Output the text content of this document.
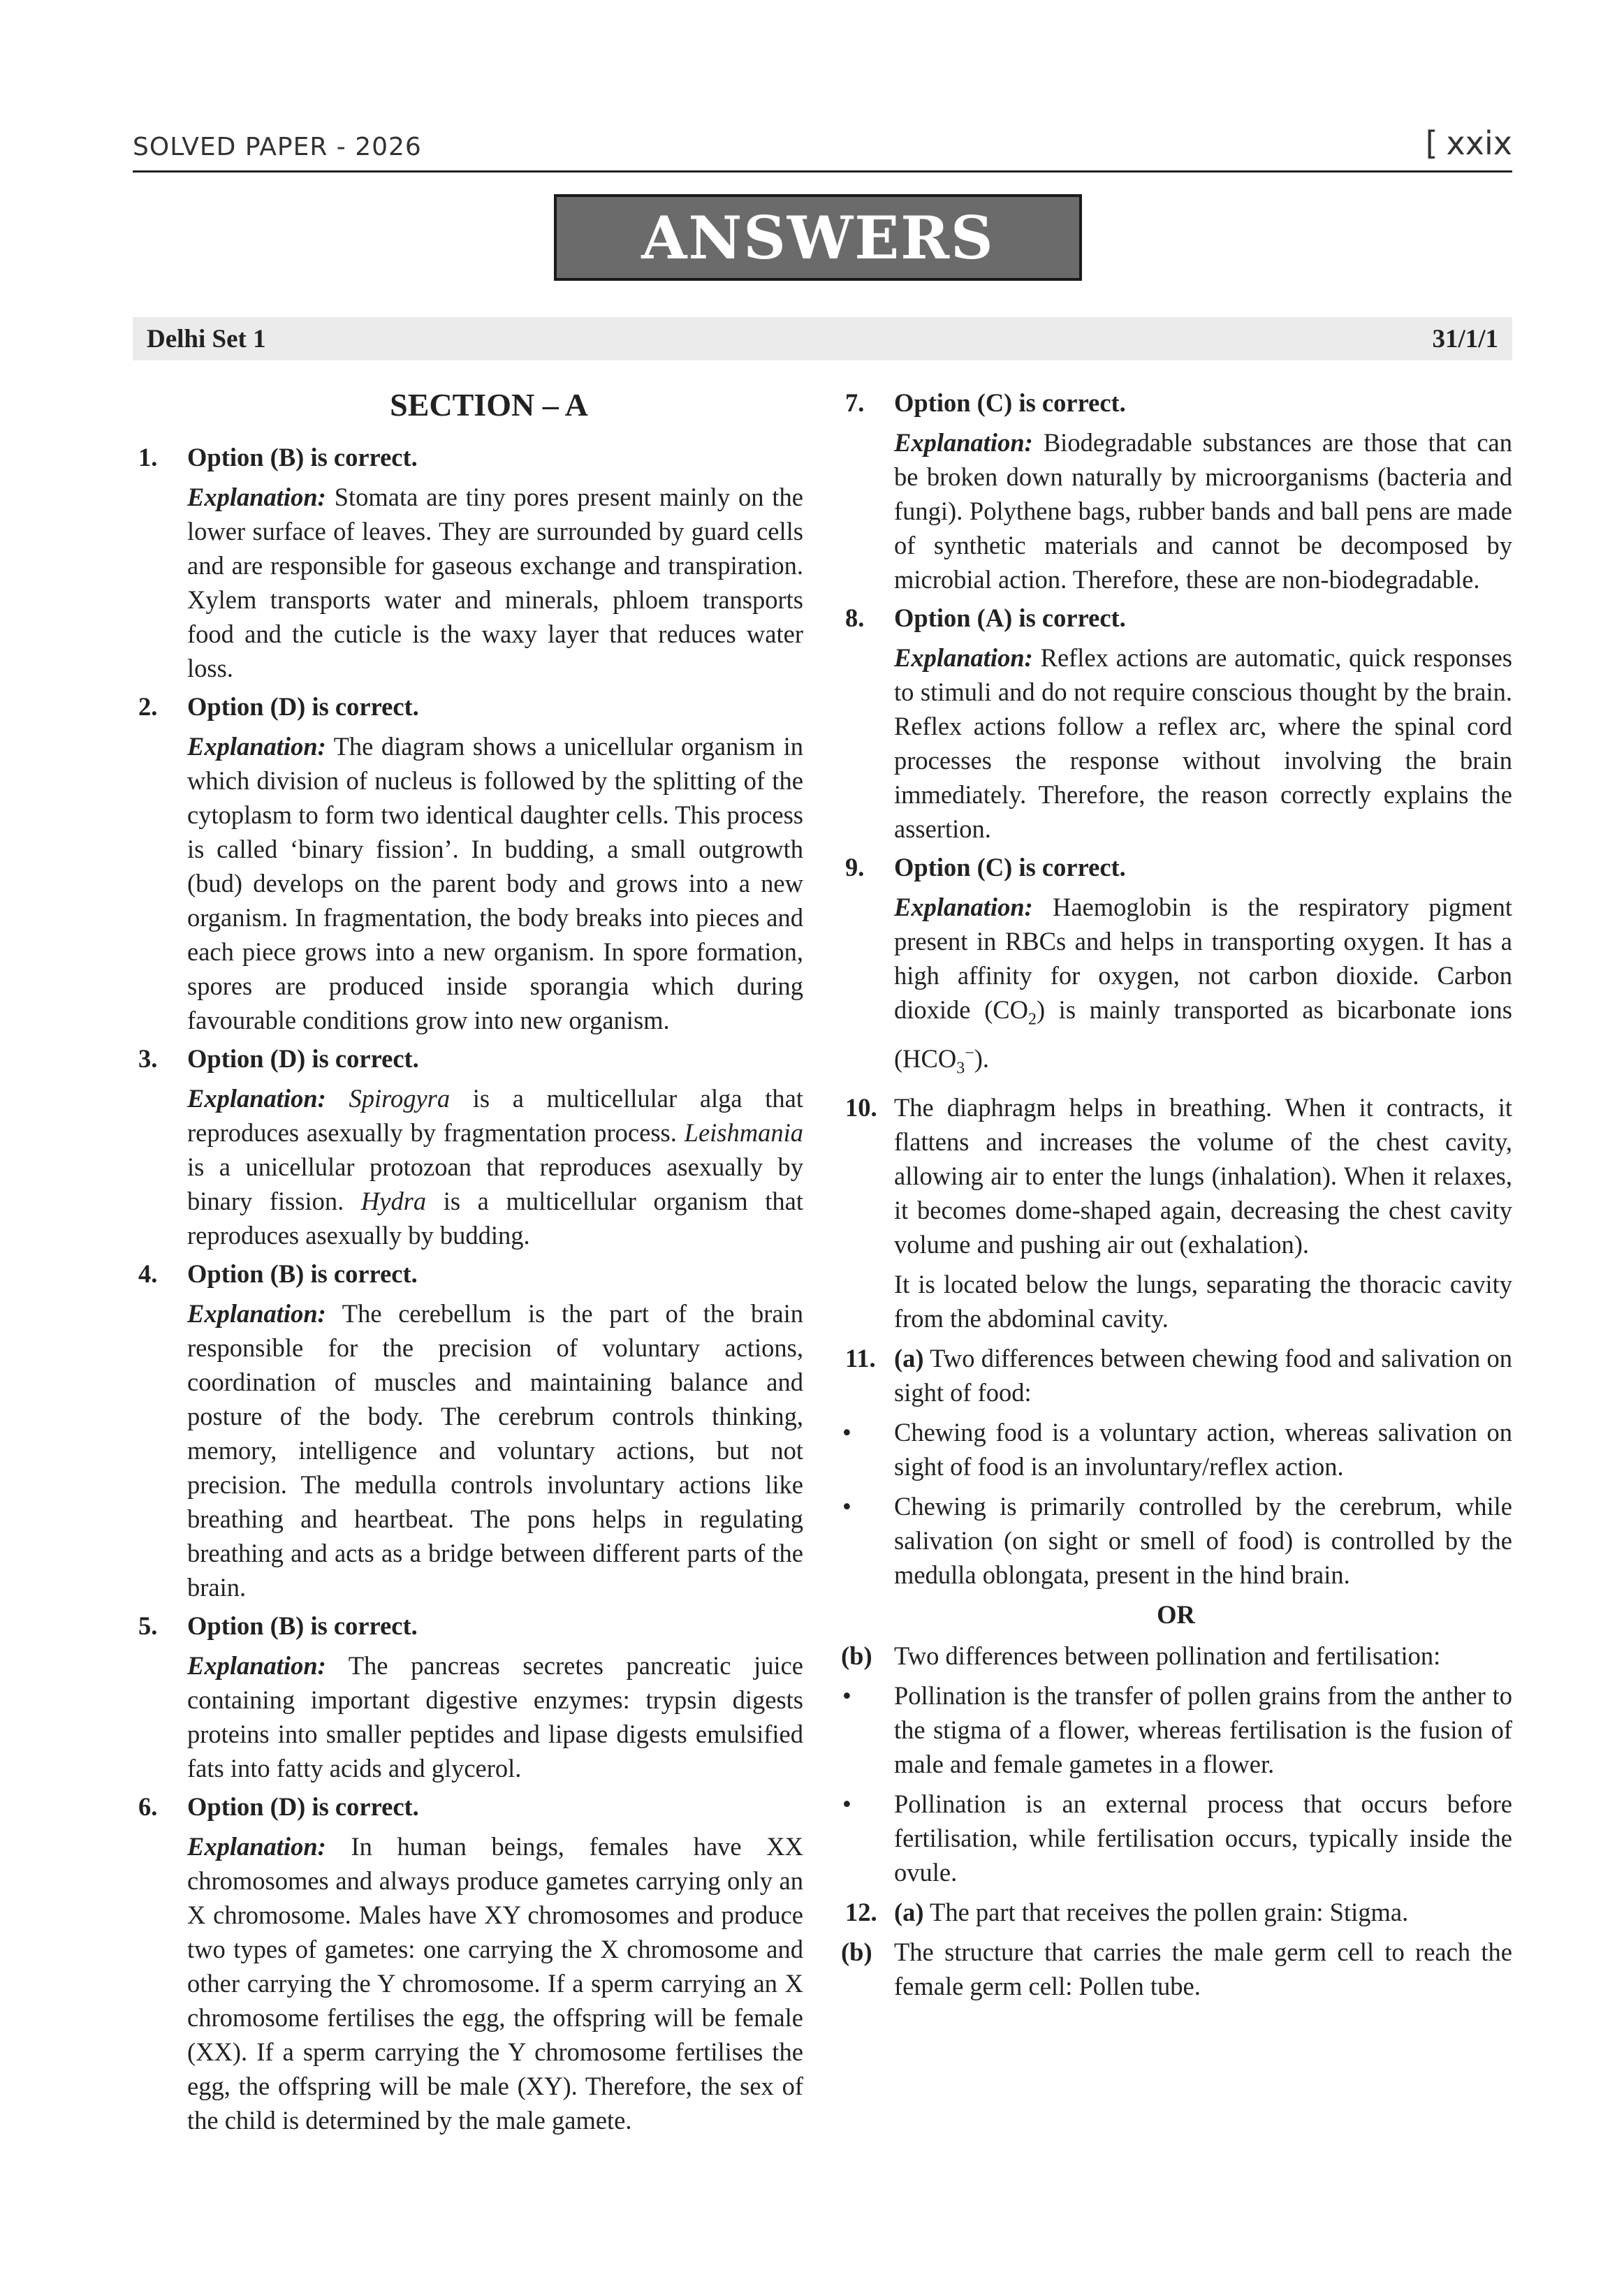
SOLVED PAPER - 2026	[ xxix
ANSWERS
Delhi Set 1	31/1/1
SECTION – A
1. Option (B) is correct.
Explanation: Stomata are tiny pores present mainly on the lower surface of leaves. They are surrounded by guard cells and are responsible for gaseous exchange and transpiration. Xylem transports water and minerals, phloem transports food and the cuticle is the waxy layer that reduces water loss.
2. Option (D) is correct.
Explanation: The diagram shows a unicellular organism in which division of nucleus is followed by the splitting of the cytoplasm to form two identical daughter cells. This process is called ‘binary fission’. In budding, a small outgrowth (bud) develops on the parent body and grows into a new organism. In fragmentation, the body breaks into pieces and each piece grows into a new organism. In spore formation, spores are produced inside sporangia which during favourable conditions grow into new organism.
3. Option (D) is correct.
Explanation: Spirogyra is a multicellular alga that reproduces asexually by fragmentation process. Leishmania is a unicellular protozoan that reproduces asexually by binary fission. Hydra is a multicellular organism that reproduces asexually by budding.
4. Option (B) is correct.
Explanation: The cerebellum is the part of the brain responsible for the precision of voluntary actions, coordination of muscles and maintaining balance and posture of the body. The cerebrum controls thinking, memory, intelligence and voluntary actions, but not precision. The medulla controls involuntary actions like breathing and heartbeat. The pons helps in regulating breathing and acts as a bridge between different parts of the brain.
5. Option (B) is correct.
Explanation: The pancreas secretes pancreatic juice containing important digestive enzymes: trypsin digests proteins into smaller peptides and lipase digests emulsified fats into fatty acids and glycerol.
6. Option (D) is correct.
Explanation: In human beings, females have XX chromosomes and always produce gametes carrying only an X chromosome. Males have XY chromosomes and produce two types of gametes: one carrying the X chromosome and other carrying the Y chromosome. If a sperm carrying an X chromosome fertilises the egg, the offspring will be female (XX). If a sperm carrying the Y chromosome fertilises the egg, the offspring will be male (XY). Therefore, the sex of the child is determined by the male gamete.
7. Option (C) is correct.
Explanation: Biodegradable substances are those that can be broken down naturally by microorganisms (bacteria and fungi). Polythene bags, rubber bands and ball pens are made of synthetic materials and cannot be decomposed by microbial action. Therefore, these are non-biodegradable.
8. Option (A) is correct.
Explanation: Reflex actions are automatic, quick responses to stimuli and do not require conscious thought by the brain. Reflex actions follow a reflex arc, where the spinal cord processes the response without involving the brain immediately. Therefore, the reason correctly explains the assertion.
9. Option (C) is correct.
Explanation: Haemoglobin is the respiratory pigment present in RBCs and helps in transporting oxygen. It has a high affinity for oxygen, not carbon dioxide. Carbon dioxide $(CO_2)$ is mainly transported as bicarbonate ions $(HCO_3^-)$.
10. The diaphragm helps in breathing. When it contracts, it flattens and increases the volume of the chest cavity, allowing air to enter the lungs (inhalation). When it relaxes, it becomes dome-shaped again, decreasing the chest cavity volume and pushing air out (exhalation).
It is located below the lungs, separating the thoracic cavity from the abdominal cavity.
11. (a) Two differences between chewing food and salivation on sight of food:
• Chewing food is a voluntary action, whereas salivation on sight of food is an involuntary/reflex action.
• Chewing is primarily controlled by the cerebrum, while salivation (on sight or smell of food) is controlled by the medulla oblongata, present in the hind brain.
OR
(b) Two differences between pollination and fertilisation:
• Pollination is the transfer of pollen grains from the anther to the stigma of a flower, whereas fertilisation is the fusion of male and female gametes in a flower.
• Pollination is an external process that occurs before fertilisation, while fertilisation occurs, typically inside the ovule.
12. (a) The part that receives the pollen grain: Stigma.
(b) The structure that carries the male germ cell to reach the female germ cell: Pollen tube.
